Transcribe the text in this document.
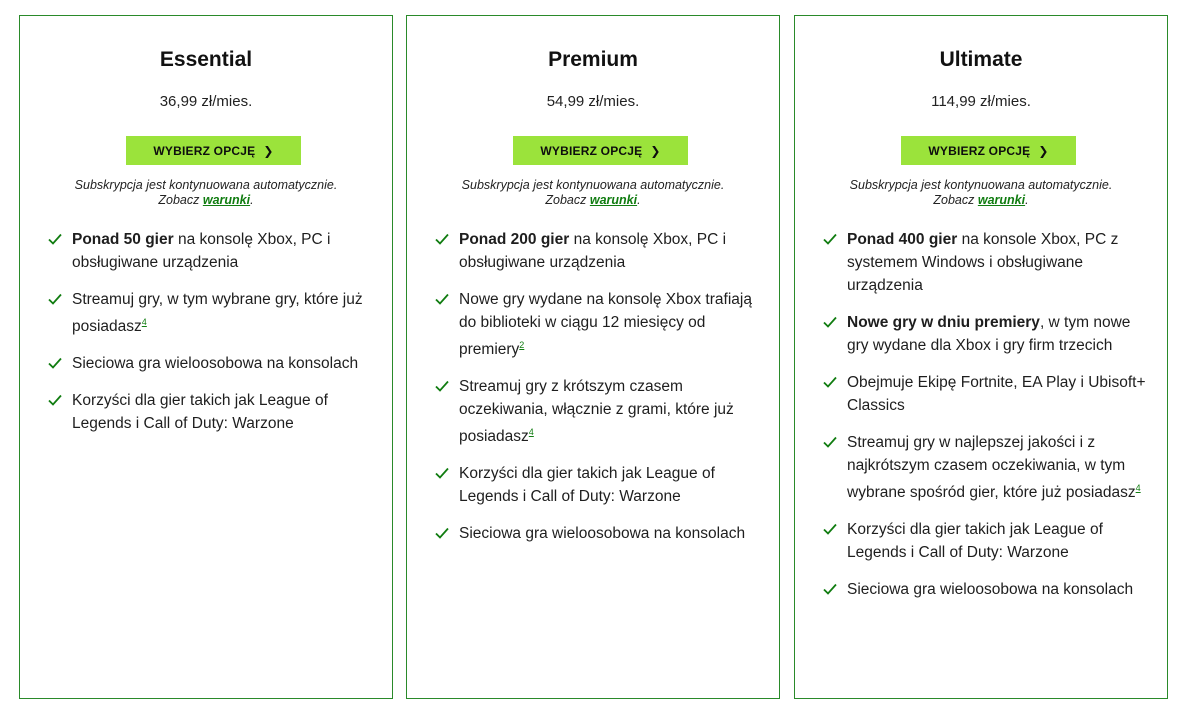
Essential
36,99 zł/mies.
WYBIERZ OPCJĘ ❯
Subskrypcja jest kontynuowana automatycznie.
Zobacz warunki.
Ponad 50 gier na konsolę Xbox, PC i obsługiwane urządzenia
Streamuj gry, w tym wybrane gry, które już posiadasz$^4$
Sieciowa gra wieloosobowa na konsolach
Korzyści dla gier takich jak League of Legends i Call of Duty: Warzone
Premium
54,99 zł/mies.
WYBIERZ OPCJĘ ❯
Subskrypcja jest kontynuowana automatycznie.
Zobacz warunki.
Ponad 200 gier na konsolę Xbox, PC i obsługiwane urządzenia
Nowe gry wydane na konsolę Xbox trafiają do biblioteki w ciągu 12 miesięcy od premiery$^2$
Streamuj gry z krótszym czasem oczekiwania, włącznie z grami, które już posiadasz$^4$
Korzyści dla gier takich jak League of Legends i Call of Duty: Warzone
Sieciowa gra wieloosobowa na konsolach
Ultimate
114,99 zł/mies.
WYBIERZ OPCJĘ ❯
Subskrypcja jest kontynuowana automatycznie.
Zobacz warunki.
Ponad 400 gier na konsole Xbox, PC z systemem Windows i obsługiwane urządzenia
Nowe gry w dniu premiery, w tym nowe gry wydane dla Xbox i gry firm trzecich
Obejmuje Ekipę Fortnite, EA Play i Ubisoft+ Classics
Streamuj gry w najlepszej jakości i z najkrótszym czasem oczekiwania, w tym wybrane spośród gier, które już posiadasz$^4$
Korzyści dla gier takich jak League of Legends i Call of Duty: Warzone
Sieciowa gra wieloosobowa na konsolach
